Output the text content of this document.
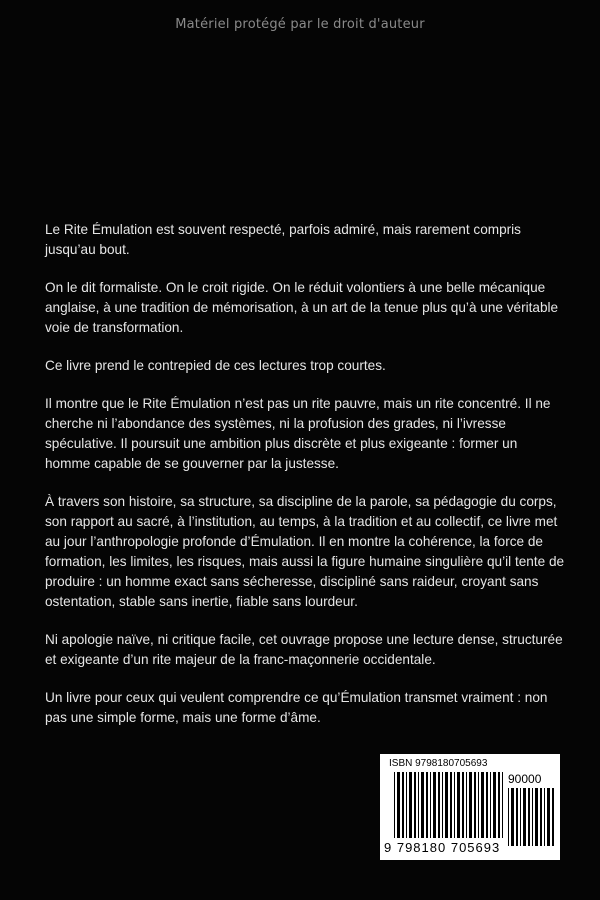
Matériel protégé par le droit d'auteur

Le Rite Émulation est souvent respecté, parfois admiré, mais rarement compris jusqu’au bout.

On le dit formaliste. On le croit rigide. On le réduit volontiers à une belle mécanique anglaise, à une tradition de mémorisation, à un art de la tenue plus qu’à une véritable voie de transformation.

Ce livre prend le contrepied de ces lectures trop courtes.

Il montre que le Rite Émulation n’est pas un rite pauvre, mais un rite concentré. Il ne cherche ni l’abondance des systèmes, ni la profusion des grades, ni l’ivresse spéculative. Il poursuit une ambition plus discrète et plus exigeante : former un homme capable de se gouverner par la justesse.

À travers son histoire, sa structure, sa discipline de la parole, sa pédagogie du corps, son rapport au sacré, à l’institution, au temps, à la tradition et au collectif, ce livre met au jour l’anthropologie profonde d’Émulation. Il en montre la cohérence, la force de formation, les limites, les risques, mais aussi la figure humaine singulière qu’il tente de produire : un homme exact sans sécheresse, discipliné sans raideur, croyant sans ostentation, stable sans inertie, fiable sans lourdeur.

Ni apologie naïve, ni critique facile, cet ouvrage propose une lecture dense, structurée et exigeante d’un rite majeur de la franc-maçonnerie occidentale.

Un livre pour ceux qui veulent comprendre ce qu’Émulation transmet vraiment : non pas une simple forme, mais une forme d’âme.

ISBN 9798180705693
90000
9 798180 705693
